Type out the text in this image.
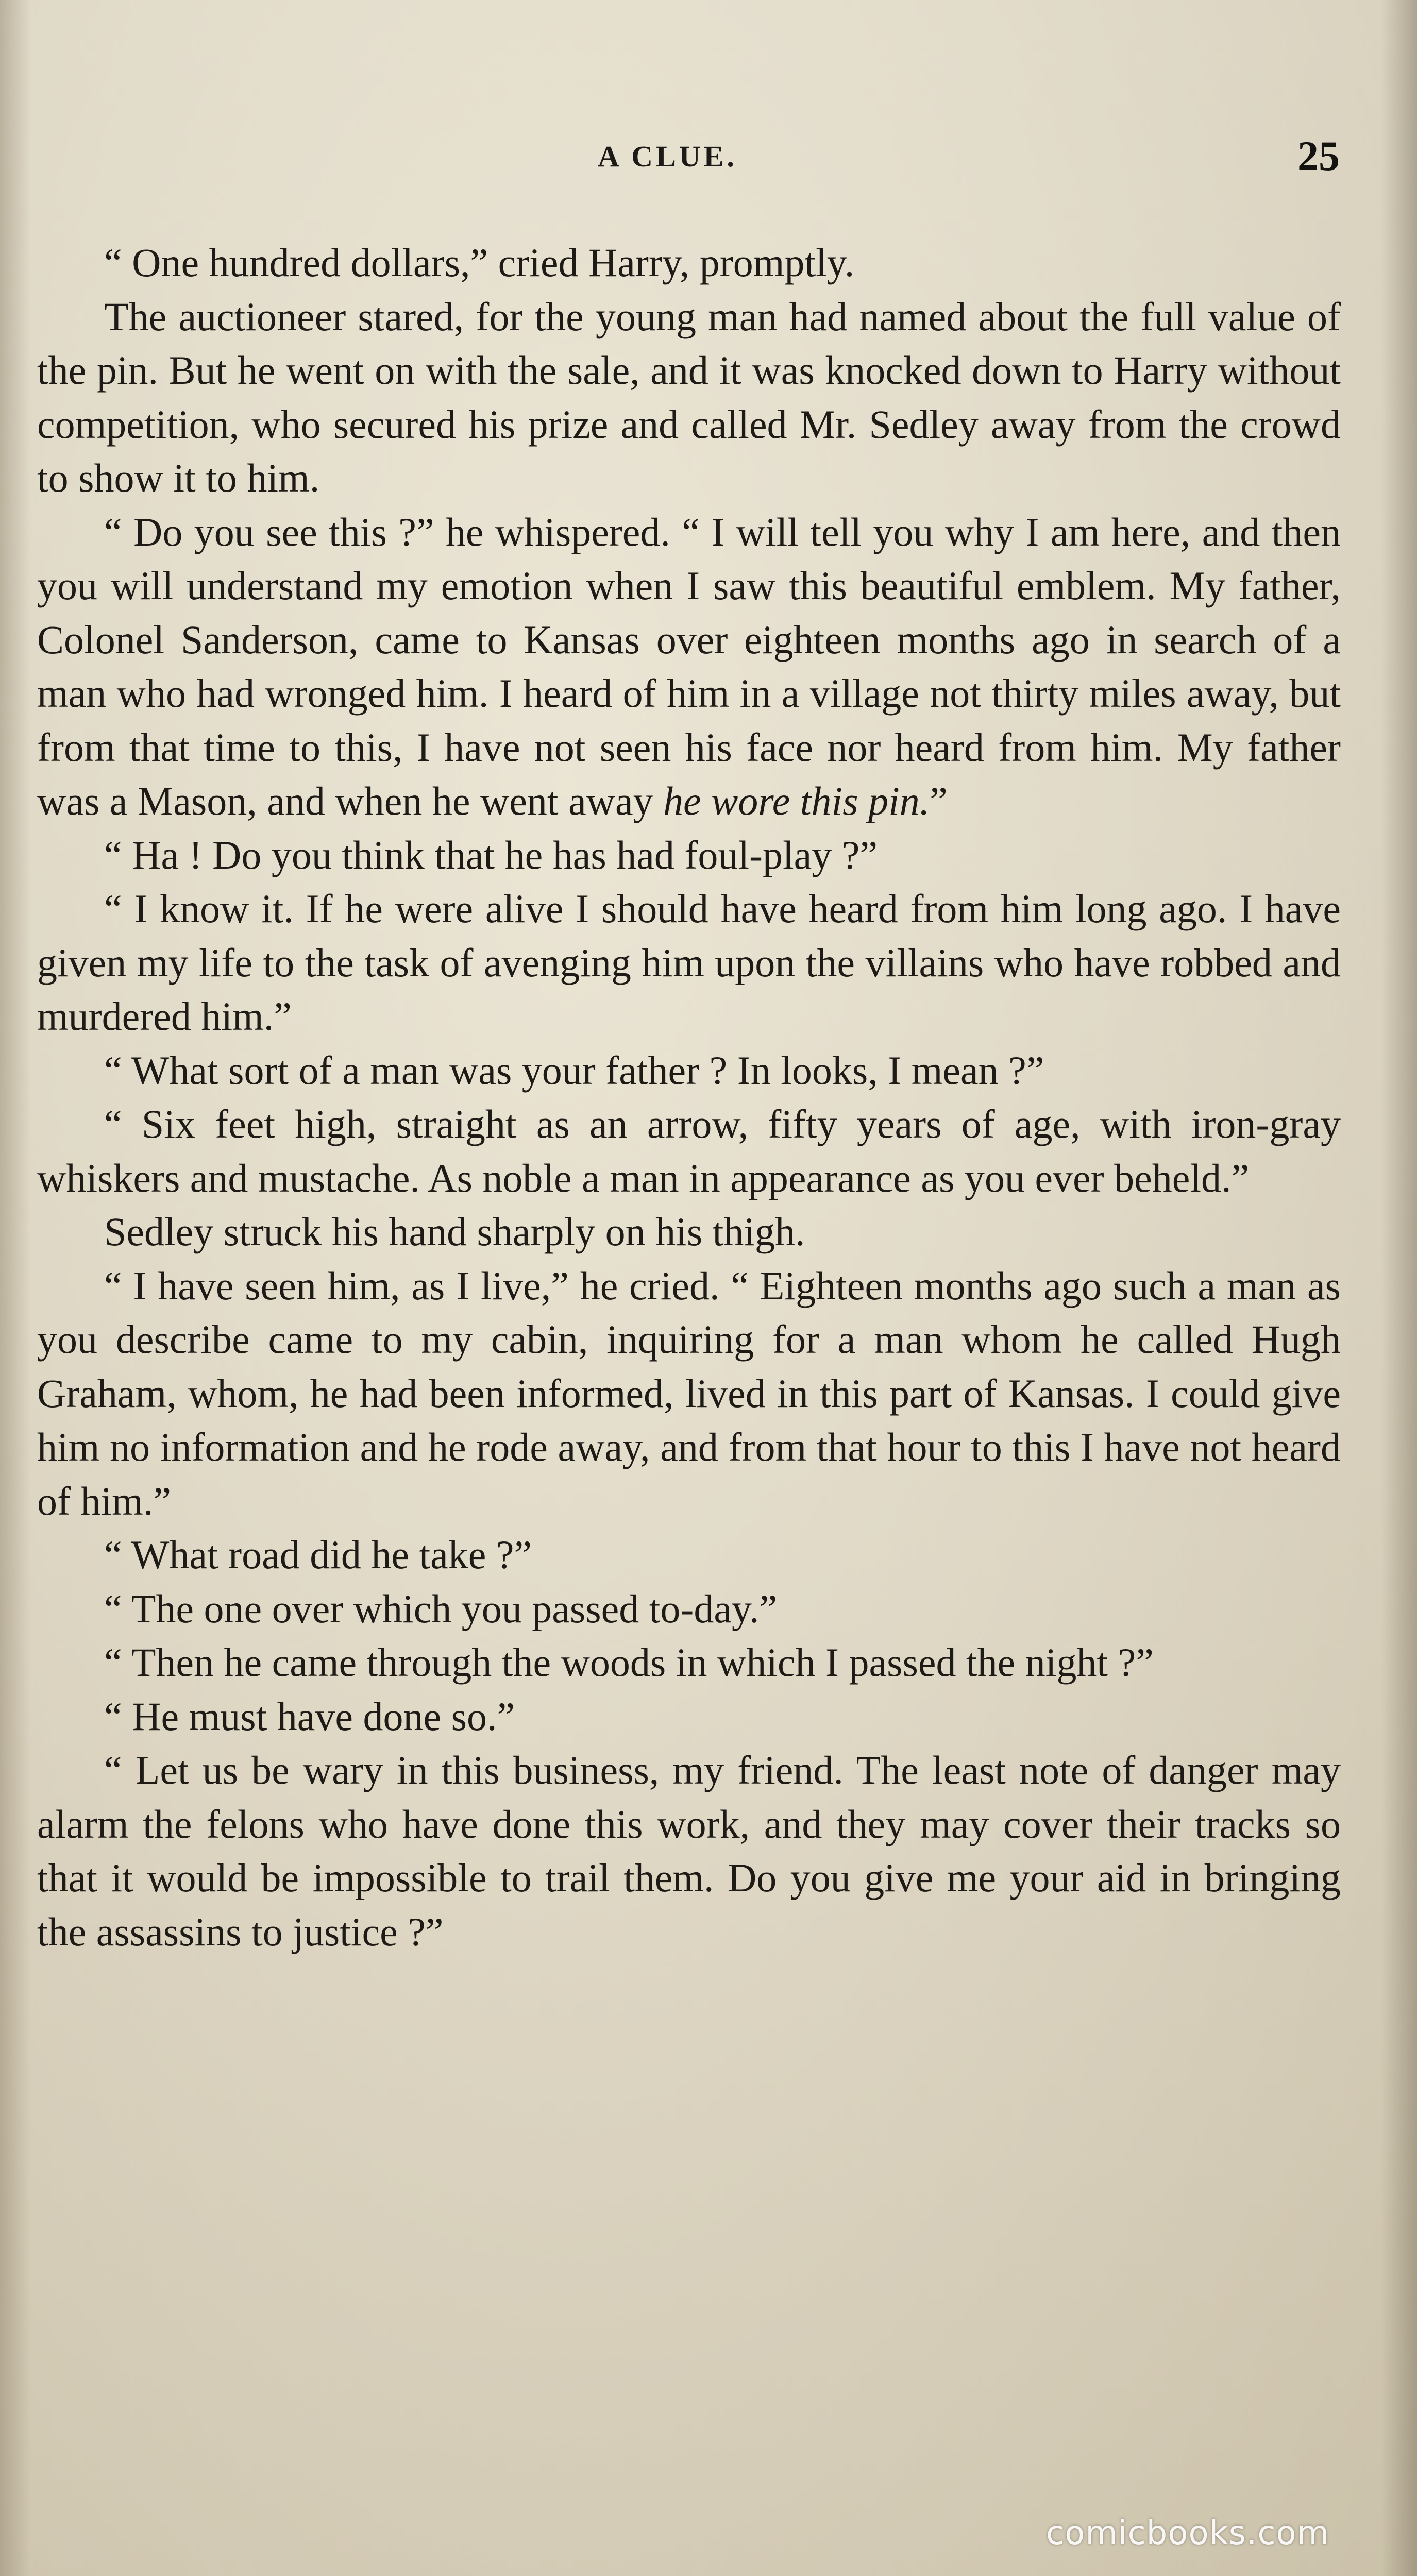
A CLUE.	25

“ One hundred dollars,” cried Harry, promptly.

The auctioneer stared, for the young man had named about the full value of the pin. But he went on with the sale, and it was knocked down to Harry without competition, who secured his prize and called Mr. Sedley away from the crowd to show it to him.

“ Do you see this ?” he whispered. “ I will tell you why I am here, and then you will understand my emotion when I saw this beautiful emblem. My father, Colonel Sanderson, came to Kansas over eighteen months ago in search of a man who had wronged him. I heard of him in a village not thirty miles away, but from that time to this, I have not seen his face nor heard from him. My father was a Mason, and when he went away he wore this pin.”

“ Ha ! Do you think that he has had foul-play ?”

“ I know it. If he were alive I should have heard from him long ago. I have given my life to the task of avenging him upon the villains who have robbed and murdered him.”

“ What sort of a man was your father ? In looks, I mean ?”

“ Six feet high, straight as an arrow, fifty years of age, with iron-gray whiskers and mustache. As noble a man in appearance as you ever beheld.”

Sedley struck his hand sharply on his thigh.

“ I have seen him, as I live,” he cried. “ Eighteen months ago such a man as you describe came to my cabin, inquiring for a man whom he called Hugh Graham, whom, he had been informed, lived in this part of Kansas. I could give him no information and he rode away, and from that hour to this I have not heard of him.”

“ What road did he take ?”

“ The one over which you passed to-day.”

“ Then he came through the woods in which I passed the night ?”

“ He must have done so.”

“ Let us be wary in this business, my friend. The least note of danger may alarm the felons who have done this work, and they may cover their tracks so that it would be impossible to trail them. Do you give me your aid in bringing the assassins to justice ?”

comicbooks.com
